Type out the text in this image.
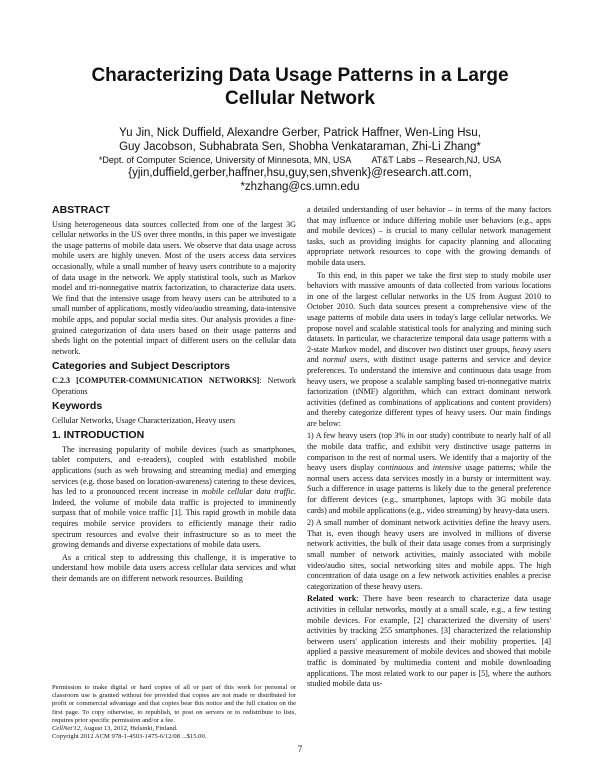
Characterizing Data Usage Patterns in a Large Cellular Network
Yu Jin, Nick Duffield, Alexandre Gerber, Patrick Haffner, Wen-Ling Hsu,
Guy Jacobson, Subhabrata Sen, Shobha Venkataraman, Zhi-Li Zhang*
*Dept. of Computer Science, University of Minnesota, MN, USA AT&T Labs – Research,NJ, USA
{yjin,duffield,gerber,haffner,hsu,guy,sen,shvenk}@research.att.com,
*zhzhang@cs.umn.edu
ABSTRACT

Using heterogeneous data sources collected from one of the largest 3G cellular networks in the US over three months, in this paper we investigate the usage patterns of mobile data users. We observe that data usage across mobile users are highly uneven. Most of the users access data services occasionally, while a small number of heavy users contribute to a majority of data usage in the network. We apply statistical tools, such as Markov model and tri-nonnegative matrix factorization, to characterize data users. We find that the intensive usage from heavy users can be attributed to a small number of applications, mostly video/audio streaming, data-intensive mobile apps, and popular social media sites. Our analysis provides a fine-grained categorization of data users based on their usage patterns and sheds light on the potential impact of different users on the cellular data network.

Categories and Subject Descriptors

C.2.3 [COMPUTER-COMMUNICATION NETWORKS]: Network Operations

Keywords

Cellular Networks, Usage Characterization, Heavy users

1. INTRODUCTION

The increasing popularity of mobile devices (such as smartphones, tablet computers, and e-readers), coupled with established mobile applications (such as web browsing and streaming media) and emerging services (e.g. those based on location-awareness) catering to these devices, has led to a pronounced recent increase in mobile cellular data traffic. Indeed, the volume of mobile data traffic is projected to imminently surpass that of mobile voice traffic [1]. This rapid growth in mobile data requires mobile service providers to efficiently manage their radio spectrum resources and evolve their infrastructure so as to meet the growing demands and diverse expectations of mobile data users.

As a critical step to addressing this challenge, it is imperative to understand how mobile data users access cellular data services and what their demands are on different network resources. Building

Permission to make digital or hard copies of all or part of this work for personal or classroom use is granted without fee provided that copies are not made or distributed for profit or commercial advantage and that copies bear this notice and the full citation on the first page. To copy otherwise, to republish, to post on servers or to redistribute to lists, requires prior specific permission and/or a fee.

CellNet'12, August 13, 2012, Helsinki, Finland.

Copyright 2012 ACM 978-1-4503-1475-6/12/08 ...$15.00.

a detailed understanding of user behavior – in terms of the many factors that may influence or induce differing mobile user behaviors (e.g., apps and mobile devices) – is crucial to many cellular network management tasks, such as providing insights for capacity planning and allocating appropriate network resources to cope with the growing demands of mobile data users.

To this end, in this paper we take the first step to study mobile user behaviors with massive amounts of data collected from various locations in one of the largest cellular networks in the US from August 2010 to October 2010. Such data sources present a comprehensive view of the usage patterns of mobile data users in today's large cellular networks. We propose novel and scalable statistical tools for analyzing and mining such datasets. In particular, we characterize temporal data usage patterns with a 2-state Markov model, and discover two distinct user groups, heavy users and normal users, with distinct usage patterns and service and device preferences. To understand the intensive and continuous data usage from heavy users, we propose a scalable sampling based tri-nonnegative matrix factorization (tNMF) algorithm, which can extract dominant network activities (defined as combinations of applications and content providers) and thereby categorize different types of heavy users. Our main findings are below:

1) A few heavy users (top 3% in our study) contribute to nearly half of all the mobile data traffic, and exhibit very distinctive usage patterns in comparison to the rest of normal users. We identify that a majority of the heavy users display continuous and intensive usage patterns; while the normal users access data services mostly in a bursty or intermittent way. Such a difference in usage patterns is likely due to the general preference for different devices (e.g., smartphones, laptops with 3G mobile data cards) and mobile applications (e.g., video streaming) by heavy-data users.

2) A small number of dominant network activities define the heavy users. That is, even though heavy users are involved in millions of diverse network activities, the bulk of their data usage comes from a surprisingly small number of network activities, mainly associated with mobile video/audio sites, social networking sites and mobile apps. The high concentration of data usage on a few network activities enables a precise categorization of these heavy users.

Related work: There have been research to characterize data usage activities in cellular networks, mostly at a small scale, e.g., a few testing mobile devices. For example, [2] characterized the diversity of users' activities by tracking 255 smartphones. [3] characterized the relationship between users' application interests and their mobility properties. [4] applied a passive measurement of mobile devices and showed that mobile traffic is dominated by multimedia content and mobile downloading applications. The most related work to our paper is [5], where the authors studied mobile data us-

7
